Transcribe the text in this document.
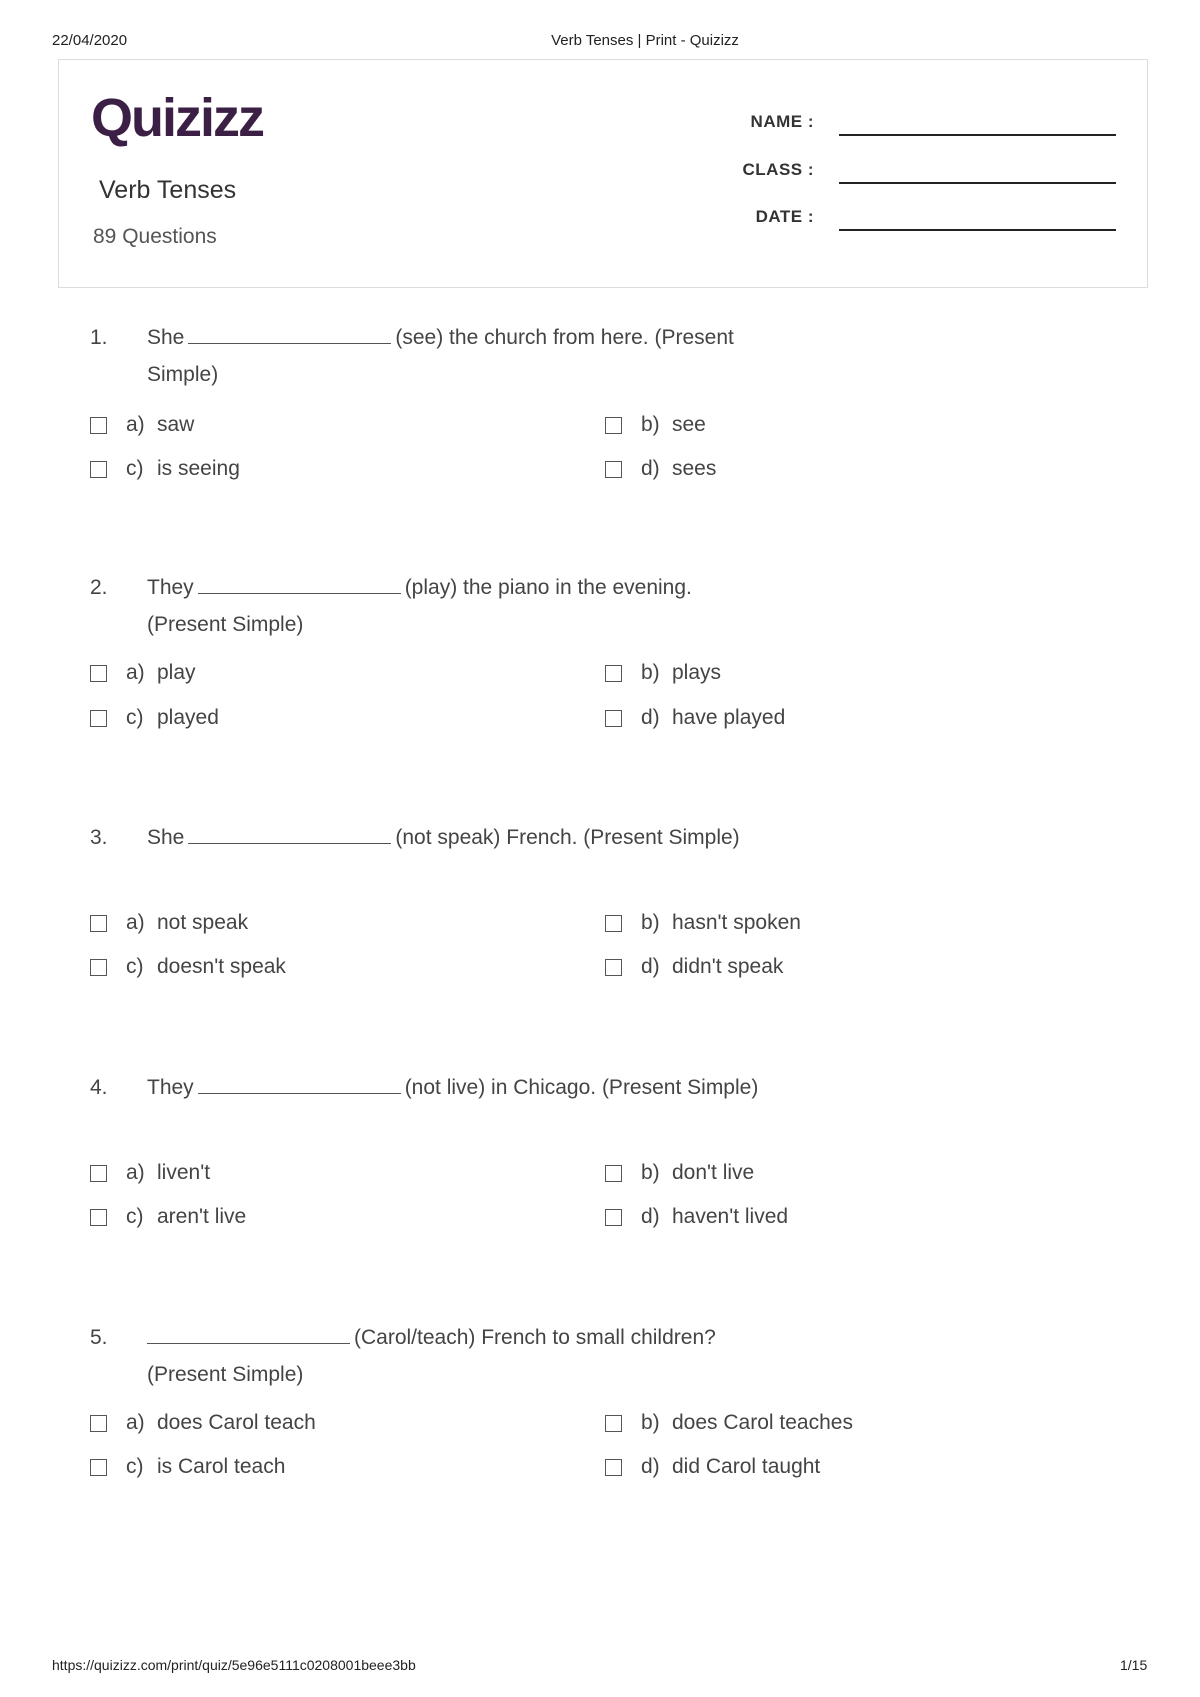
22/04/2020	Verb Tenses | Print - Quizizz
Quizizz
Verb Tenses
89 Questions
NAME :
CLASS :
DATE :
1. She	(see) the church from here. (Present Simple)
a) saw	b) see
c) is seeing	d) sees
2. They	(play) the piano in the evening. (Present Simple)
a) play	b) plays
c) played	d) have played
3. She	(not speak) French. (Present Simple)
a) not speak	b) hasn't spoken
c) doesn't speak	d) didn't speak
4. They	(not live) in Chicago. (Present Simple)
a) liven't	b) don't live
c) aren't live	d) haven't lived
5.	(Carol/teach) French to small children? (Present Simple)
a) does Carol teach	b) does Carol teaches
c) is Carol teach	d) did Carol taught
https://quizizz.com/print/quiz/5e96e5111c0208001beee3bb	1/15
